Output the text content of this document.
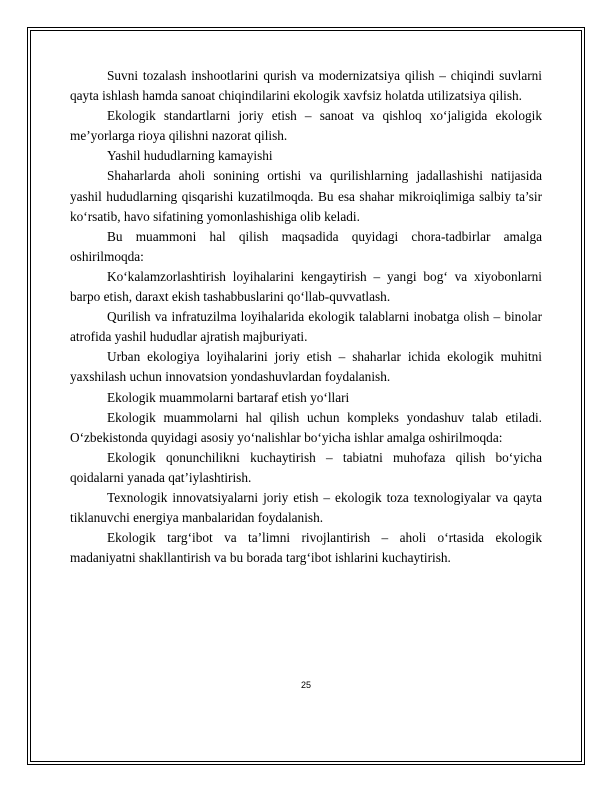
Suvni tozalash inshootlarini qurish va modernizatsiya qilish – chiqindi suvlarni qayta ishlash hamda sanoat chiqindilarini ekologik xavfsiz holatda utilizatsiya qilish.

Ekologik standartlarni joriy etish – sanoat va qishloq xo‘jaligida ekologik me’yorlarga rioya qilishni nazorat qilish.

Yashil hududlarning kamayishi

Shaharlarda aholi sonining ortishi va qurilishlarning jadallashishi natijasida yashil hududlarning qisqarishi kuzatilmoqda. Bu esa shahar mikroiqlimiga salbiy ta’sir ko‘rsatib, havo sifatining yomonlashishiga olib keladi.

Bu muammoni hal qilish maqsadida quyidagi chora-tadbirlar amalga oshirilmoqda:

Ko‘kalamzorlashtirish loyihalarini kengaytirish – yangi bog‘ va xiyobonlarni barpo etish, daraxt ekish tashabbuslarini qo‘llab-quvvatlash.

Qurilish va infratuzilma loyihalarida ekologik talablarni inobatga olish – binolar atrofida yashil hududlar ajratish majburiyati.

Urban ekologiya loyihalarini joriy etish – shaharlar ichida ekologik muhitni yaxshilash uchun innovatsion yondashuvlardan foydalanish.

Ekologik muammolarni bartaraf etish yo‘llari

Ekologik muammolarni hal qilish uchun kompleks yondashuv talab etiladi. O‘zbekistonda quyidagi asosiy yo‘nalishlar bo‘yicha ishlar amalga oshirilmoqda:

Ekologik qonunchilikni kuchaytirish – tabiatni muhofaza qilish bo‘yicha qoidalarni yanada qat’iylashtirish.

Texnologik innovatsiyalarni joriy etish – ekologik toza texnologiyalar va qayta tiklanuvchi energiya manbalaridan foydalanish.

Ekologik targ‘ibot va ta’limni rivojlantirish – aholi o‘rtasida ekologik madaniyatni shakllantirish va bu borada targ‘ibot ishlarini kuchaytirish.

25
